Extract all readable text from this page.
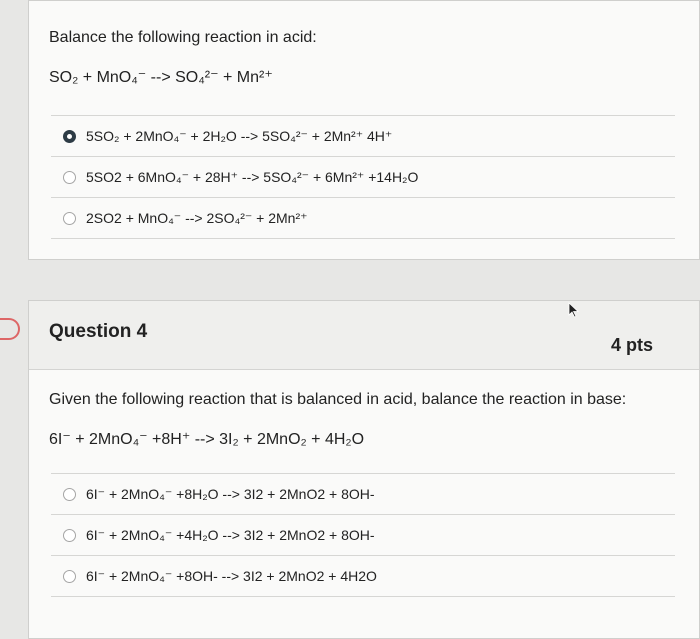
Balance the following reaction in acid:
SO₂ + MnO₄⁻ --> SO₄²⁻ + Mn²⁺
5SO₂ + 2MnO₄⁻ + 2H₂O --> 5SO₄²⁻ + 2Mn²⁺ 4H⁺
5SO2 + 6MnO₄⁻ + 28H⁺ --> 5SO₄²⁻ + 6Mn²⁺ +14H₂O
2SO2 + MnO₄⁻ --> 2SO₄²⁻ + 2Mn²⁺
Question 4
4 pts
Given the following reaction that is balanced in acid, balance the reaction in base:
6I⁻ + 2MnO₄⁻ +8H⁺ --> 3I₂ + 2MnO₂ + 4H₂O
6I⁻ + 2MnO₄⁻ +8H₂O --> 3I2 + 2MnO2 + 8OH-
6I⁻ + 2MnO₄⁻ +4H₂O --> 3I2 + 2MnO2 + 8OH-
6I⁻ + 2MnO₄⁻ +8OH- --> 3I2 + 2MnO2 + 4H2O
